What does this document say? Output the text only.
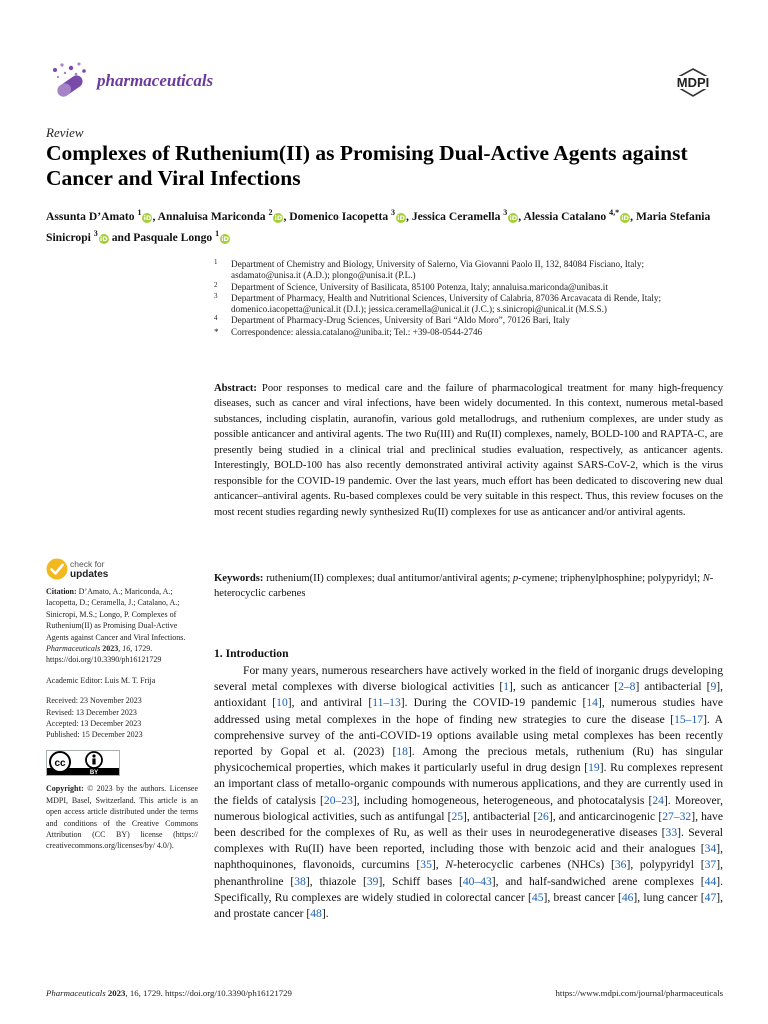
pharmaceuticals	MDPI
Review
Complexes of Ruthenium(II) as Promising Dual-Active Agents against Cancer and Viral Infections
Assunta D’Amato $^1$iD, Annaluisa Mariconda $^2$iD, Domenico Iacopetta $^3$iD, Jessica Ceramella $^3$iD, Alessia Catalano $^{4,*}$iD, Maria Stefania Sinicropi $^3$iD and Pasquale Longo $^1$iD
1 Department of Chemistry and Biology, University of Salerno, Via Giovanni Paolo II, 132, 84084 Fisciano, Italy; asdamato@unisa.it (A.D.); plongo@unisa.it (P.L.)
2 Department of Science, University of Basilicata, 85100 Potenza, Italy; annaluisa.mariconda@unibas.it
3 Department of Pharmacy, Health and Nutritional Sciences, University of Calabria, 87036 Arcavacata di Rende, Italy; domenico.iacopetta@unical.it (D.I.); jessica.ceramella@unical.it (J.C.); s.sinicropi@unical.it (M.S.S.)
4 Department of Pharmacy-Drug Sciences, University of Bari “Aldo Moro”, 70126 Bari, Italy
* Correspondence: alessia.catalano@uniba.it; Tel.: +39-08-0544-2746
Abstract: Poor responses to medical care and the failure of pharmacological treatment for many high-frequency diseases, such as cancer and viral infections, have been widely documented. In this context, numerous metal-based substances, including cisplatin, auranofin, various gold metallodrugs, and ruthenium complexes, are under study as possible anticancer and antiviral agents. The two Ru(III) and Ru(II) complexes, namely, BOLD-100 and RAPTA-C, are presently being studied in a clinical trial and preclinical studies evaluation, respectively, as anticancer agents. Interestingly, BOLD-100 has also recently demonstrated antiviral activity against SARS-CoV-2, which is the virus responsible for the COVID-19 pandemic. Over the last years, much effort has been dedicated to discovering new dual anticancer–antiviral agents. Ru-based complexes could be very suitable in this respect. Thus, this review focuses on the most recent studies regarding newly synthesized Ru(II) complexes for use as anticancer and/or antiviral agents.
Keywords: ruthenium(II) complexes; dual antitumor/antiviral agents; p-cymene; triphenylphosphine; polypyridyl; N-heterocyclic carbenes
check for
updates

Citation: D’Amato, A.; Mariconda, A.; Iacopetta, D.; Ceramella, J.; Catalano, A.; Sinicropi, M.S.; Longo, P. Complexes of Ruthenium(II) as Promising Dual-Active Agents against Cancer and Viral Infections. Pharmaceuticals 2023, 16, 1729. https://doi.org/10.3390/ph16121729

Academic Editor: Luis M. T. Frija

Received: 23 November 2023

Revised: 13 December 2023

Accepted: 13 December 2023

Published: 15 December 2023

cc
BY

Copyright: © 2023 by the authors. Licensee MDPI, Basel, Switzerland. This article is an open access article distributed under the terms and conditions of the Creative Commons Attribution (CC BY) license (https:// creativecommons.org/licenses/by/ 4.0/).

1. Introduction
For many years, numerous researchers have actively worked in the field of inorganic drugs developing several metal complexes with diverse biological activities [1], such as anticancer [2–8] antibacterial [9], antioxidant [10], and antiviral [11–13]. During the COVID-19 pandemic [14], numerous studies have addressed using metal complexes in the hope of finding new strategies to cure the disease [15–17]. A comprehensive survey of the anti-COVID-19 options available using metal complexes has been recently reported by Gopal et al. (2023) [18]. Among the precious metals, ruthenium (Ru) has singular physicochemical properties, which makes it particularly useful in drug design [19]. Ru complexes represent an important class of metallo-organic compounds with numerous applications, and they are currently used in the fields of catalysis [20–23], including homogeneous, heterogeneous, and photocatalysis [24]. Moreover, numerous biological activities, such as antifungal [25], antibacterial [26], and anticarcinogenic [27–32], have been described for the complexes of Ru, as well as their uses in neurodegenerative diseases [33]. Several complexes with Ru(II) have been reported, including those with benzoic acid and their analogues [34], naphthoquinones, flavonoids, curcumins [35], N-heterocyclic carbenes (NHCs) [36], polypyridyl [37], phenanthroline [38], thiazole [39], Schiff bases [40–43], and half-sandwiched arene complexes [44]. Specifically, Ru complexes are widely studied in colorectal cancer [45], breast cancer [46], lung cancer [47], and prostate cancer [48].
Pharmaceuticals 2023, 16, 1729. https://doi.org/10.3390/ph16121729	https://www.mdpi.com/journal/pharmaceuticals
